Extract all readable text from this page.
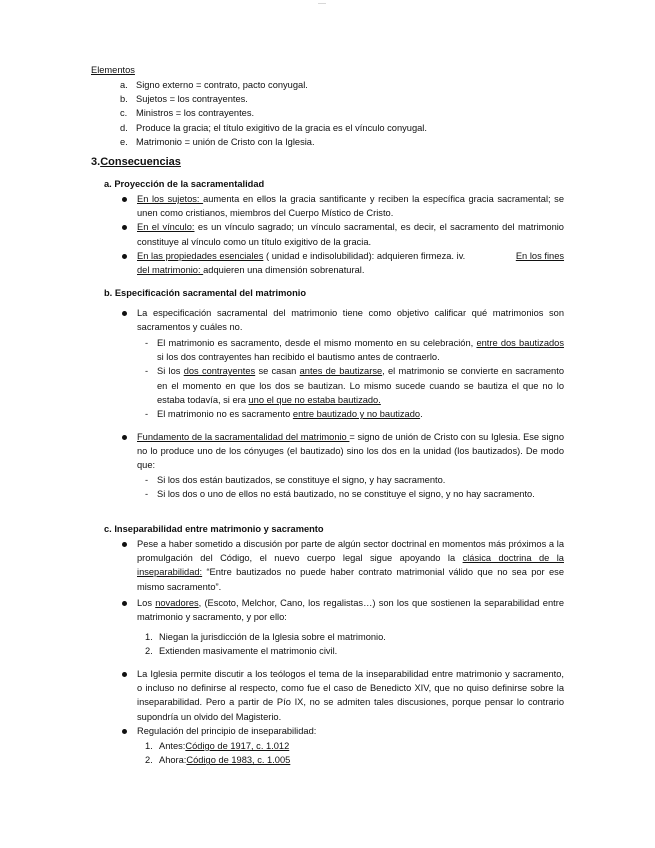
----
Elementos
a. Signo externo = contrato, pacto conyugal.
b. Sujetos = los contrayentes.
c. Ministros = los contrayentes.
d. Produce la gracia; el título exigitivo de la gracia es el vínculo conyugal.
e. Matrimonio = unión de Cristo con la Iglesia.
3.Consecuencias
a. Proyección de la sacramentalidad
En los sujetos: aumenta en ellos la gracia santificante y reciben la específica gracia sacramental; se unen como cristianos, miembros del Cuerpo Místico de Cristo.
En el vínculo: es un vínculo sagrado; un vínculo sacramental, es decir, el sacramento del matrimonio constituye al vínculo como un título exigitivo de la gracia.
En las propiedades esenciales ( unidad e indisolubilidad): adquieren firmeza. iv.	En los fines del matrimonio: adquieren una dimensión sobrenatural.
b. Especificación sacramental del matrimonio
La especificación sacramental del matrimonio tiene como objetivo calificar qué matrimonios son sacramentos y cuáles no.
- El matrimonio es sacramento, desde el mismo momento en su celebración, entre dos bautizados si los dos contrayentes han recibido el bautismo antes de contraerlo.
- Si los dos contrayentes se casan antes de bautizarse, el matrimonio se convierte en sacramento en el momento en que los dos se bautizan. Lo mismo sucede cuando se bautiza el que no lo estaba todavía, si era uno el que no estaba bautizado.
- El matrimonio no es sacramento entre bautizado y no bautizado.
Fundamento de la sacramentalidad del matrimonio = signo de unión de Cristo con su Iglesia. Ese signo no lo produce uno de los cónyuges (el bautizado) sino los dos en la unidad (los bautizados). De modo que:
- Si los dos están bautizados, se constituye el signo, y hay sacramento.
- Si los dos o uno de ellos no está bautizado, no se constituye el signo, y no hay sacramento.
c. Inseparabilidad entre matrimonio y sacramento
Pese a haber sometido a discusión por parte de algún sector doctrinal en momentos más próximos a la promulgación del Código, el nuevo cuerpo legal sigue apoyando la clásica doctrina de la inseparabilidad: “Entre bautizados no puede haber contrato matrimonial válido que no sea por ese mismo sacramento”.
Los novadores, (Escoto, Melchor, Cano, los regalistas…) son los que sostienen la separabilidad entre matrimonio y sacramento, y por ello:
1. Niegan la jurisdicción de la Iglesia sobre el matrimonio.
2. Extienden masivamente el matrimonio civil.
La Iglesia permite discutir a los teólogos el tema de la inseparabilidad entre matrimonio y sacramento, o incluso no definirse al respecto, como fue el caso de Benedicto XIV, que no quiso definirse sobre la inseparabilidad. Pero a partir de Pío IX, no se admiten tales discusiones, porque pensar lo contrario supondría un olvido del Magisterio.
Regulación del principio de inseparabilidad:
1. Antes: Código de 1917, c. 1.012
2. Ahora: Código de 1983, c. 1.005
